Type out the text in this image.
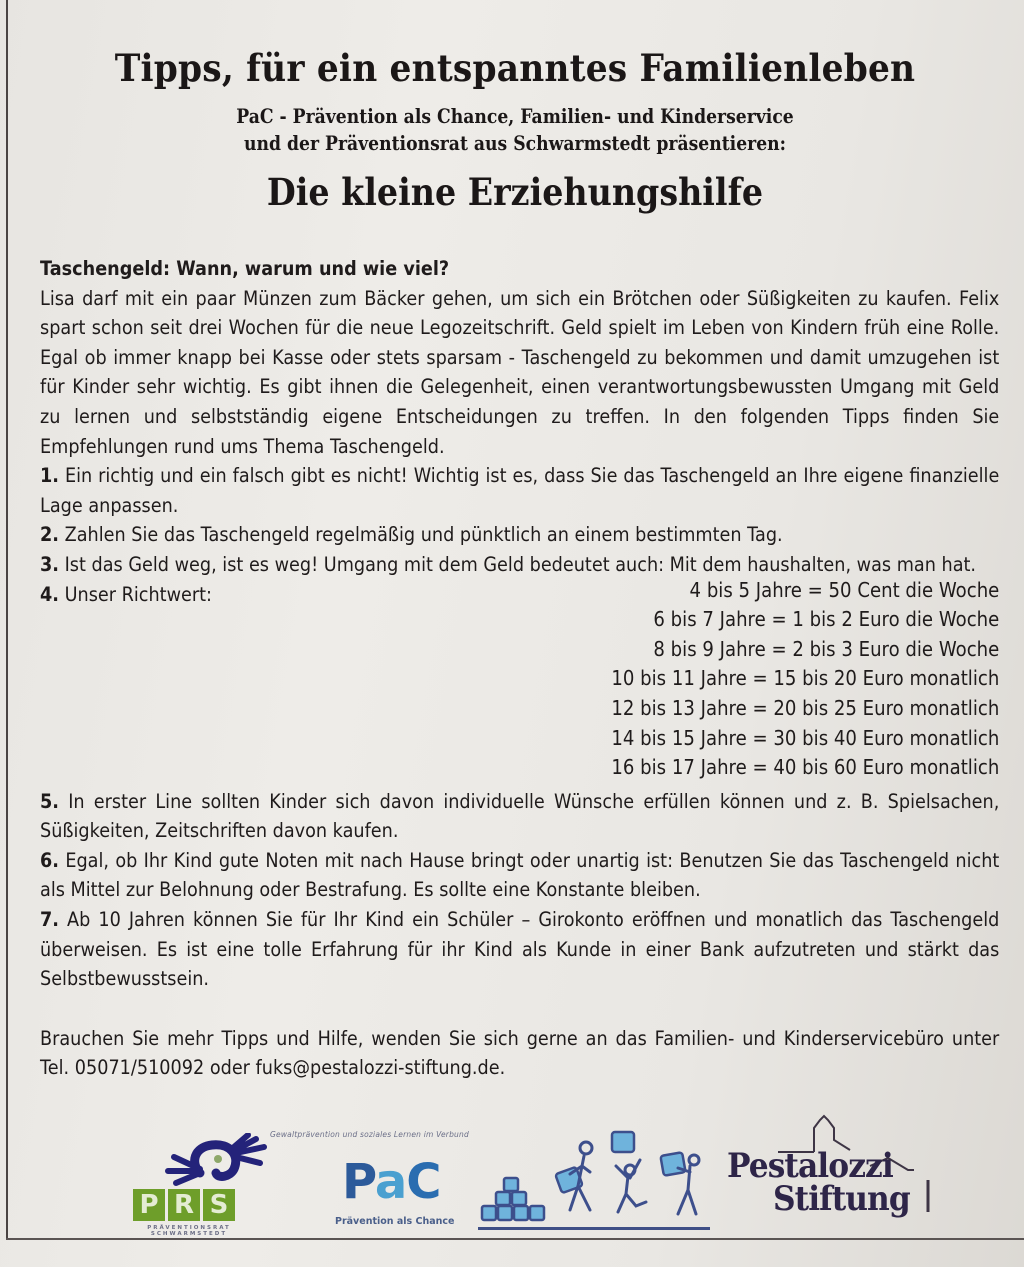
Tipps, für ein entspanntes Familienleben
PaC - Prävention als Chance, Familien- und Kinderservice
und der Präventionsrat aus Schwarmstedt präsentieren:
Die kleine Erziehungshilfe

Taschengeld: Wann, warum und wie viel?

Lisa darf mit ein paar Münzen zum Bäcker gehen, um sich ein Brötchen oder Süßigkeiten zu kaufen. Felix spart schon seit drei Wochen für die neue Legozeitschrift. Geld spielt im Leben von Kindern früh eine Rolle. Egal ob immer knapp bei Kasse oder stets sparsam - Taschengeld zu bekommen und damit umzugehen ist für Kinder sehr wichtig. Es gibt ihnen die Gelegenheit, einen verantwortungsbewussten Umgang mit Geld zu lernen und selbstständig eigene Entscheidungen zu treffen. In den folgenden Tipps finden Sie Empfehlungen rund ums Thema Taschengeld.

1. Ein richtig und ein falsch gibt es nicht! Wichtig ist es, dass Sie das Taschengeld an Ihre eigene finanzielle Lage anpassen.

2. Zahlen Sie das Taschengeld regelmäßig und pünktlich an einem bestimmten Tag.

3. Ist das Geld weg, ist es weg! Umgang mit dem Geld bedeutet auch: Mit dem haushalten, was man hat.

4. Unser Richtwert:	4 bis 5 Jahre = 50 Cent die Woche
6 bis 7 Jahre = 1 bis 2 Euro die Woche
8 bis 9 Jahre = 2 bis 3 Euro die Woche
10 bis 11 Jahre = 15 bis 20 Euro monatlich
12 bis 13 Jahre = 20 bis 25 Euro monatlich
14 bis 15 Jahre = 30 bis 40 Euro monatlich
16 bis 17 Jahre = 40 bis 60 Euro monatlich

5. In erster Line sollten Kinder sich davon individuelle Wünsche erfüllen können und z. B. Spielsachen, Süßigkeiten, Zeitschriften davon kaufen.

6. Egal, ob Ihr Kind gute Noten mit nach Hause bringt oder unartig ist: Benutzen Sie das Taschengeld nicht als Mittel zur Belohnung oder Bestrafung. Es sollte eine Konstante bleiben.

7. Ab 10 Jahren können Sie für Ihr Kind ein Schüler – Girokonto eröffnen und monatlich das Taschengeld überweisen. Es ist eine tolle Erfahrung für ihr Kind als Kunde in einer Bank aufzutreten und stärkt das Selbstbewusstsein.

Brauchen Sie mehr Tipps und Hilfe, wenden Sie sich gerne an das Familien- und Kinderservicebüro unter Tel. 05071/510092 oder fuks@pestalozzi-stiftung.de.

Gewaltprävention und soziales Lernen im Verbund
P R S
PRÄVENTIONSRAT
SCHWARMSTEDT
PaC
Prävention als Chance
Pestalozzi
Stiftung
